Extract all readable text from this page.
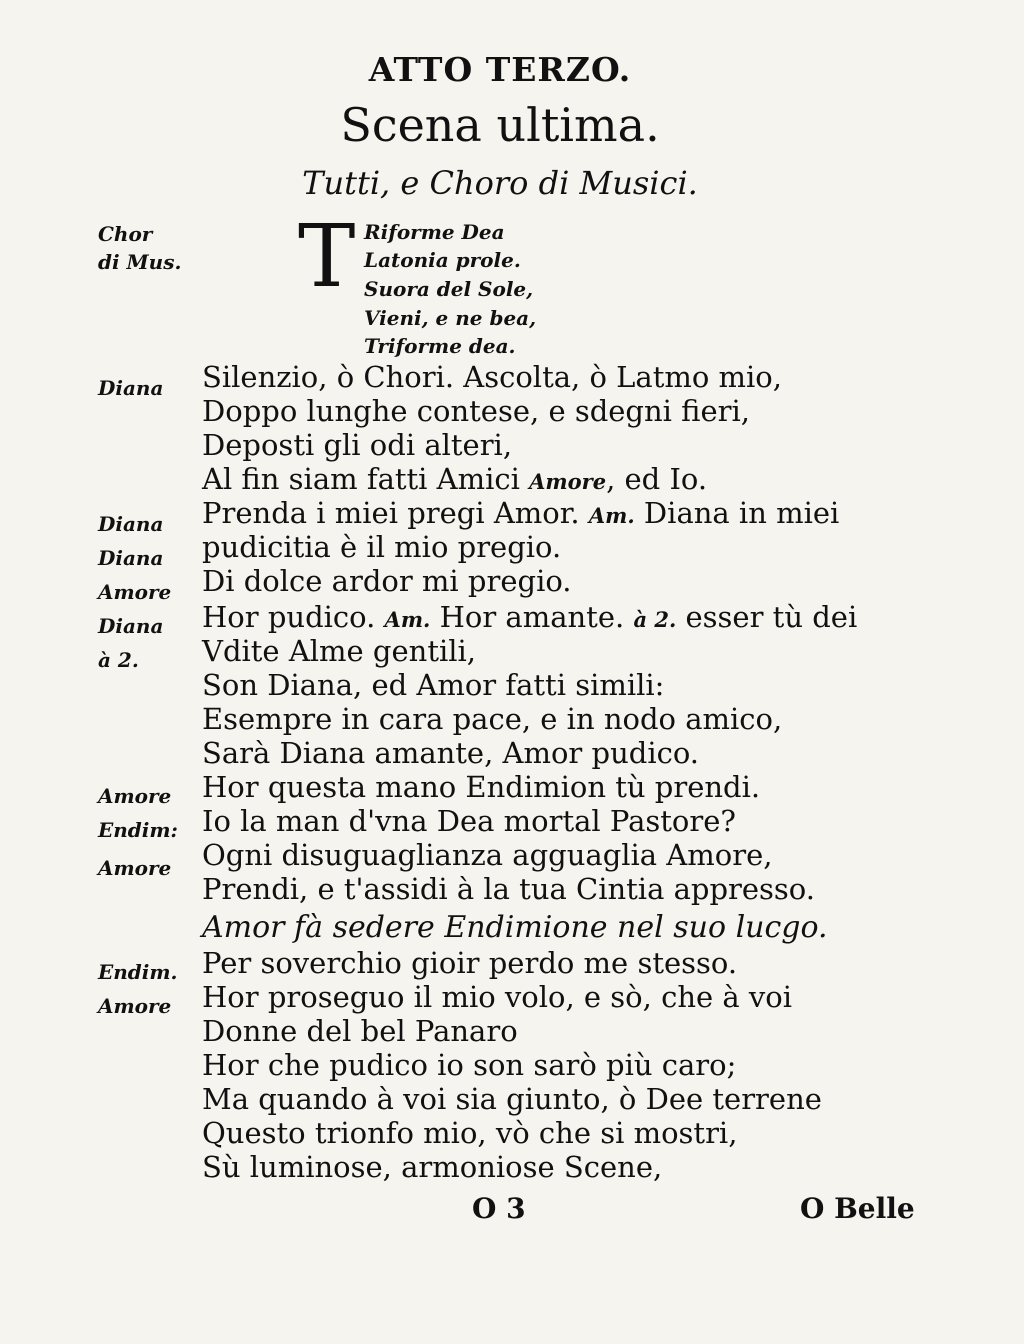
ATTO TERZO.
Scena ultima.
Tutti, e Choro di Musici.
Chor
di Mus. T Riforme Dea
Latonia prole.
Suora del Sole,
Vieni, e ne bea,
Triforme dea.
Diana
Diana
Diana
Amore
Diana
à 2.
Amore
Endim:
Amore
Endim.
Amore
Silenzio, ò Chori. Ascolta, ò Latmo mio,
Doppo lunghe contese, e sdegni fieri,
Deposti gli odi alteri,
Al fin siam fatti Amici Amore, ed Io.
Prenda i miei pregi Amor. Am. Diana in miei
pudicitia è il mio pregio.
Di dolce ardor mi pregio.
Hor pudico. Am. Hor amante. à 2. esser tù dei
Vdite Alme gentili,
Son Diana, ed Amor fatti simili:
Esempre in cara pace, e in nodo amico,
Sarà Diana amante, Amor pudico.
Hor questa mano Endimion tù prendi.
Io la man d'vna Dea mortal Pastore?
Ogni disuguaglianza agguaglia Amore,
Prendi, e t'assidi à la tua Cintia appresso.
Amor fà sedere Endimione nel suo lucgo.
Per soverchio gioir perdo me stesso.
Hor proseguo il mio volo, e sò, che à voi
Donne del bel Panaro
Hor che pudico io son sarò più caro;
Ma quando à voi sia giunto, ò Dee terrene
Questo trionfo mio, vò che si mostri,
Sù luminose, armoniose Scene,
O 3	O Belle
